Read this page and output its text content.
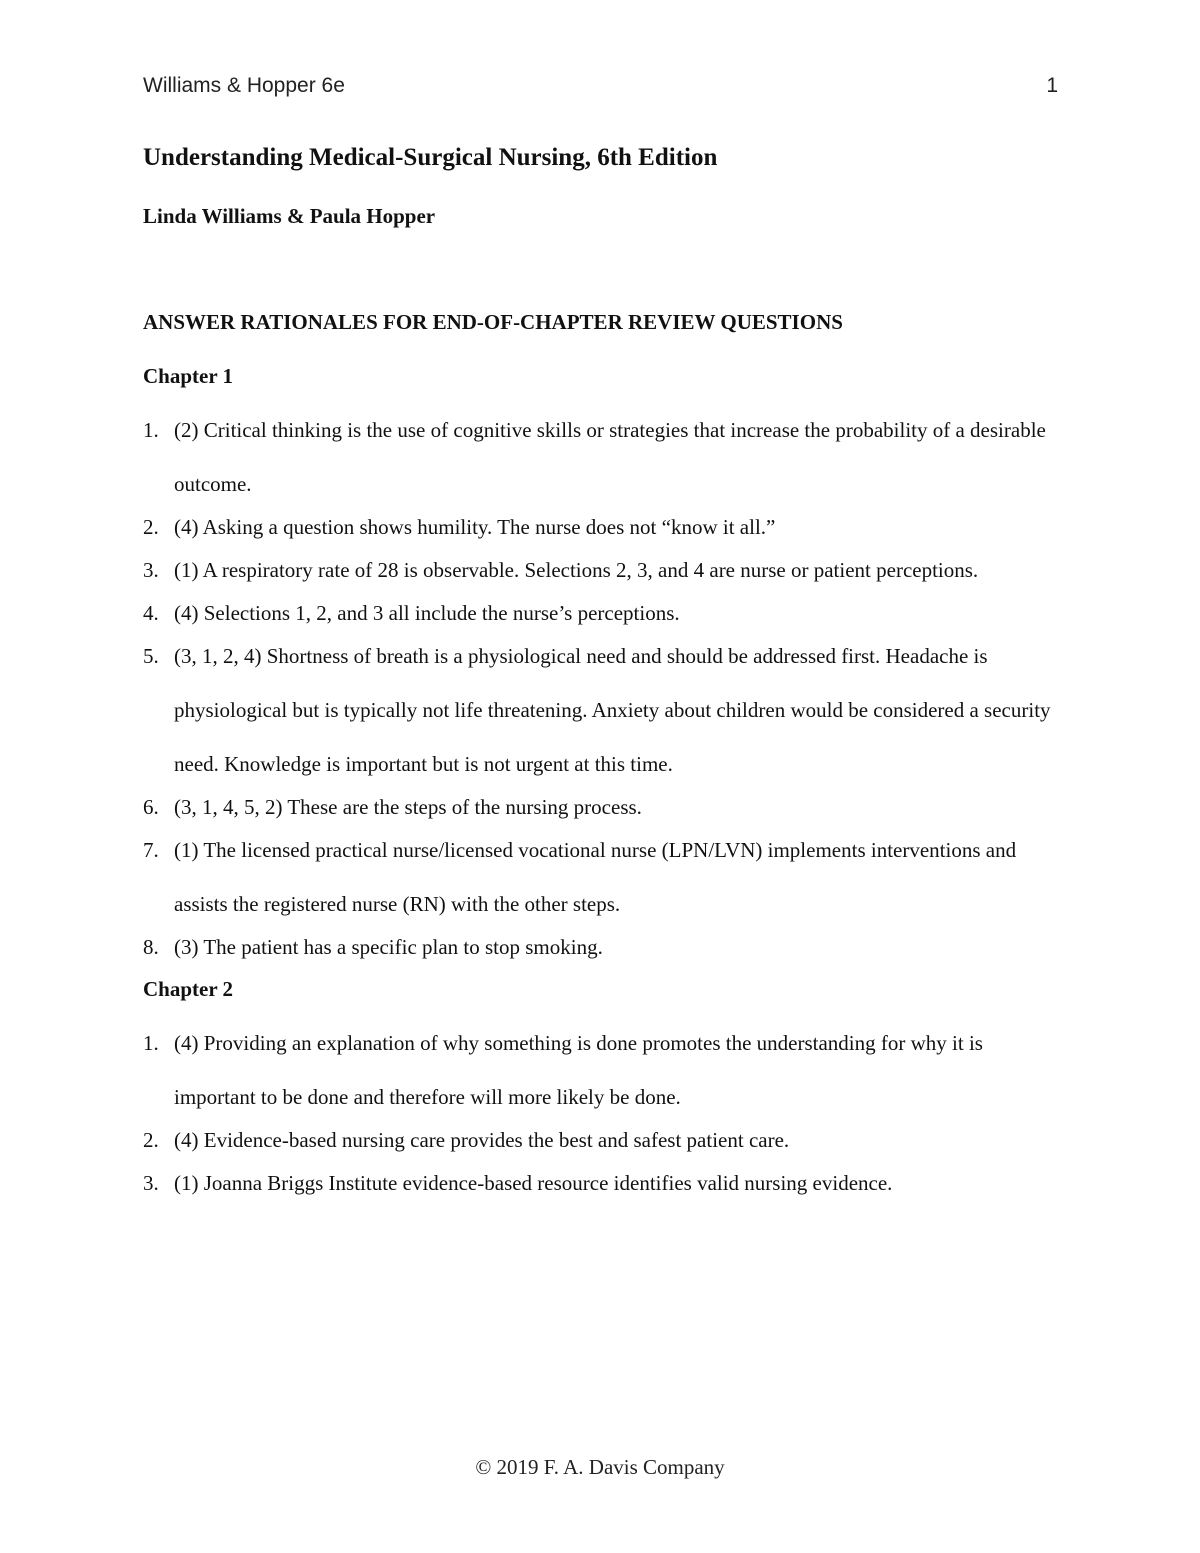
Williams & Hopper 6e	1
Understanding Medical-Surgical Nursing, 6th Edition
Linda Williams & Paula Hopper
ANSWER RATIONALES FOR END-OF-CHAPTER REVIEW QUESTIONS
Chapter 1
1. (2) Critical thinking is the use of cognitive skills or strategies that increase the probability of a desirable outcome.
2. (4) Asking a question shows humility. The nurse does not “know it all.”
3. (1) A respiratory rate of 28 is observable. Selections 2, 3, and 4 are nurse or patient perceptions.
4. (4) Selections 1, 2, and 3 all include the nurse’s perceptions.
5. (3, 1, 2, 4) Shortness of breath is a physiological need and should be addressed first. Headache is physiological but is typically not life threatening. Anxiety about children would be considered a security need. Knowledge is important but is not urgent at this time.
6. (3, 1, 4, 5, 2) These are the steps of the nursing process.
7. (1) The licensed practical nurse/licensed vocational nurse (LPN/LVN) implements interventions and assists the registered nurse (RN) with the other steps.
8. (3) The patient has a specific plan to stop smoking.
Chapter 2
1. (4) Providing an explanation of why something is done promotes the understanding for why it is important to be done and therefore will more likely be done.
2. (4) Evidence-based nursing care provides the best and safest patient care.
3. (1) Joanna Briggs Institute evidence-based resource identifies valid nursing evidence.
© 2019 F. A. Davis Company
